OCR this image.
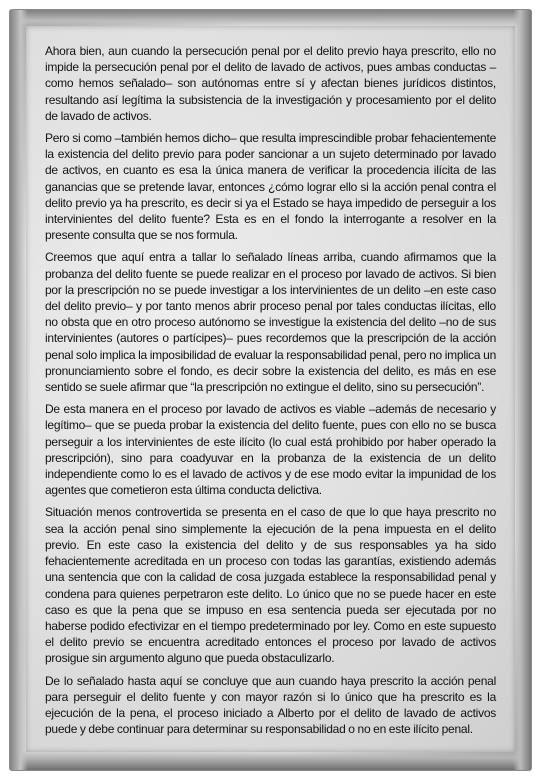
Ahora bien, aun cuando la persecución penal por el delito previo haya prescrito, ello no impide la persecución penal por el delito de lavado de activos, pues ambas conductas –como hemos señalado– son autónomas entre sí y afectan bienes jurídicos distintos, resultando así legítima la subsistencia de la investigación y procesamiento por el delito de lavado de activos.

Pero si como –también hemos dicho– que resulta imprescindible probar fehacientemente la existencia del delito previo para poder sancionar a un sujeto determinado por lavado de activos, en cuanto es esa la única manera de verificar la procedencia ilícita de las ganancias que se pretende lavar, entonces ¿cómo lograr ello si la acción penal contra el delito previo ya ha prescrito, es decir si ya el Estado se haya impedido de perseguir a los intervinientes del delito fuente? Esta es en el fondo la interrogante a resolver en la presente consulta que se nos formula.

Creemos que aquí entra a tallar lo señalado líneas arriba, cuando afirmamos que la probanza del delito fuente se puede realizar en el proceso por lavado de activos. Si bien por la prescripción no se puede investigar a los intervinientes de un delito –en este caso del delito previo– y por tanto menos abrir proceso penal por tales conductas ilícitas, ello no obsta que en otro proceso autónomo se investigue la existencia del delito –no de sus intervinientes (autores o partícipes)– pues recordemos que la prescripción de la acción penal solo implica la imposibilidad de evaluar la responsabilidad penal, pero no implica un pronunciamiento sobre el fondo, es decir sobre la existencia del delito, es más en ese sentido se suele afirmar que “la prescripción no extingue el delito, sino su persecución”.

De esta manera en el proceso por lavado de activos es viable –además de necesario y legítimo– que se pueda probar la existencia del delito fuente, pues con ello no se busca perseguir a los intervinientes de este ilícito (lo cual está prohibido por haber operado la prescripción), sino para coadyuvar en la probanza de la existencia de un delito independiente como lo es el lavado de activos y de ese modo evitar la impunidad de los agentes que cometieron esta última conducta delictiva.

Situación menos controvertida se presenta en el caso de que lo que haya prescrito no sea la acción penal sino simplemente la ejecución de la pena impuesta en el delito previo. En este caso la existencia del delito y de sus responsables ya ha sido fehacientemente acreditada en un proceso con todas las garantías, existiendo además una sentencia que con la calidad de cosa juzgada establece la responsabilidad penal y condena para quienes perpetraron este delito. Lo único que no se puede hacer en este caso es que la pena que se impuso en esa sentencia pueda ser ejecutada por no haberse podido efectivizar en el tiempo predeterminado por ley. Como en este supuesto el delito previo se encuentra acreditado entonces el proceso por lavado de activos prosigue sin argumento alguno que pueda obstaculizarlo.

De lo señalado hasta aquí se concluye que aun cuando haya prescrito la acción penal para perseguir el delito fuente y con mayor razón si lo único que ha prescrito es la ejecución de la pena, el proceso iniciado a Alberto por el delito de lavado de activos puede y debe continuar para determinar su responsabilidad o no en este ilícito penal.
